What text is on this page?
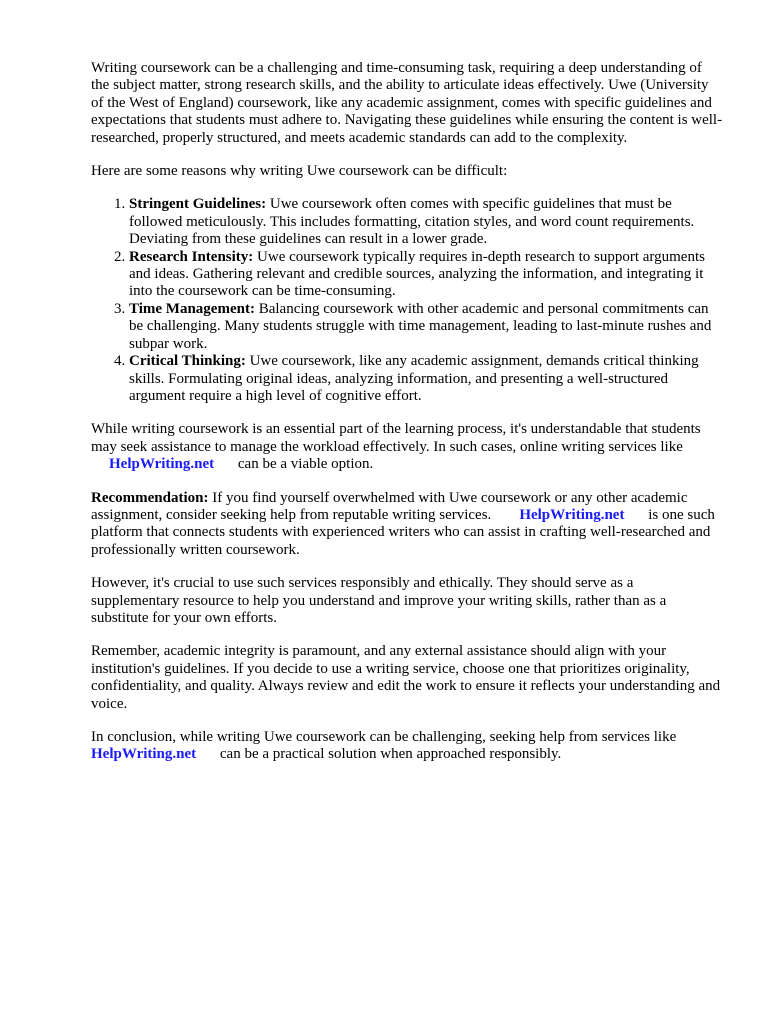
Writing coursework can be a challenging and time-consuming task, requiring a deep understanding of the subject matter, strong research skills, and the ability to articulate ideas effectively. Uwe (University of the West of England) coursework, like any academic assignment, comes with specific guidelines and expectations that students must adhere to. Navigating these guidelines while ensuring the content is well-researched, properly structured, and meets academic standards can add to the complexity.

Here are some reasons why writing Uwe coursework can be difficult:

1. Stringent Guidelines: Uwe coursework often comes with specific guidelines that must be followed meticulously. This includes formatting, citation styles, and word count requirements. Deviating from these guidelines can result in a lower grade.
2. Research Intensity: Uwe coursework typically requires in-depth research to support arguments and ideas. Gathering relevant and credible sources, analyzing the information, and integrating it into the coursework can be time-consuming.
3. Time Management: Balancing coursework with other academic and personal commitments can be challenging. Many students struggle with time management, leading to last-minute rushes and subpar work.
4. Critical Thinking: Uwe coursework, like any academic assignment, demands critical thinking skills. Formulating original ideas, analyzing information, and presenting a well-structured argument require a high level of cognitive effort.

While writing coursework is an essential part of the learning process, it's understandable that students may seek assistance to manage the workload effectively. In such cases, online writing services like
HelpWriting.net can be a viable option.

Recommendation: If you find yourself overwhelmed with Uwe coursework or any other academic assignment, consider seeking help from reputable writing services. HelpWriting.net is one such platform that connects students with experienced writers who can assist in crafting well-researched and professionally written coursework.

However, it's crucial to use such services responsibly and ethically. They should serve as a supplementary resource to help you understand and improve your writing skills, rather than as a substitute for your own efforts.

Remember, academic integrity is paramount, and any external assistance should align with your institution's guidelines. If you decide to use a writing service, choose one that prioritizes originality, confidentiality, and quality. Always review and edit the work to ensure it reflects your understanding and voice.

In conclusion, while writing Uwe coursework can be challenging, seeking help from services like
HelpWriting.net can be a practical solution when approached responsibly.
